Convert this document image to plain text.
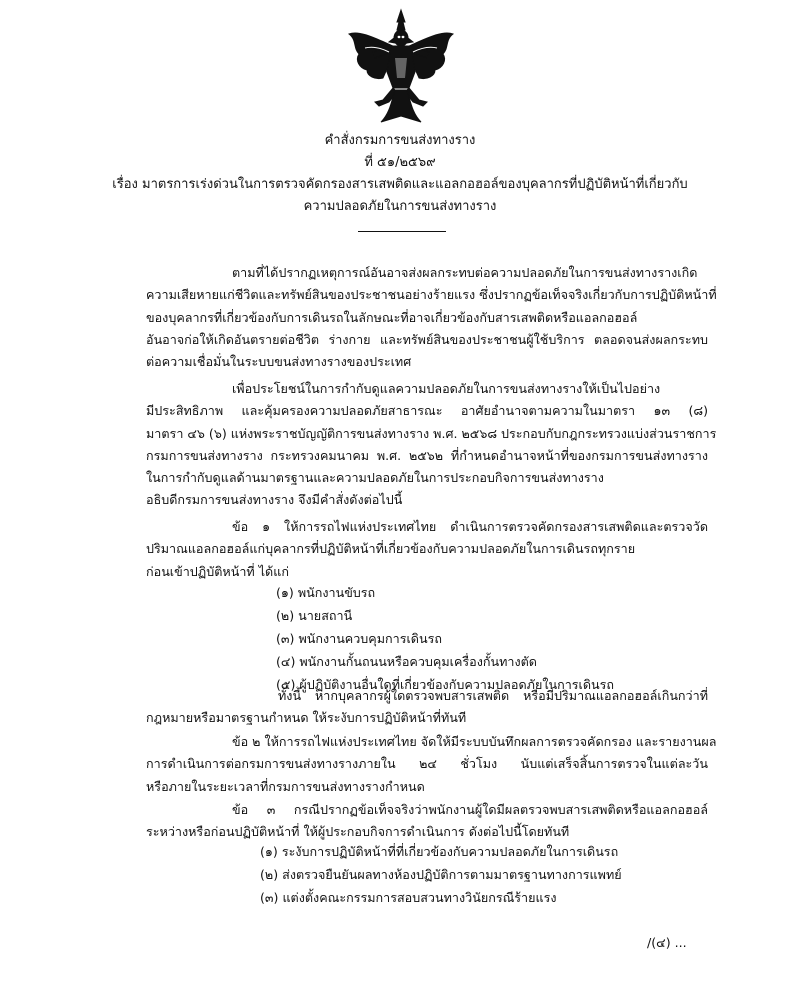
คำสั่งกรมการขนส่งทางราง
ที่ ๕๑/๒๕๖๙
เรื่อง มาตรการเร่งด่วนในการตรวจคัดกรองสารเสพติดและแอลกอฮอล์ของบุคลากรที่ปฏิบัติหน้าที่เกี่ยวกับ
ความปลอดภัยในการขนส่งทางราง
ตามที่ได้ปรากฏเหตุการณ์อันอาจส่งผลกระทบต่อความปลอดภัยในการขนส่งทางรางเกิด
ความเสียหายแก่ชีวิตและทรัพย์สินของประชาชนอย่างร้ายแรง ซึ่งปรากฏข้อเท็จจริงเกี่ยวกับการปฏิบัติหน้าที่
ของบุคลากรที่เกี่ยวข้องกับการเดินรถในลักษณะที่อาจเกี่ยวข้องกับสารเสพติดหรือแอลกอฮอล์
อันอาจก่อให้เกิดอันตรายต่อชีวิต ร่างกาย และทรัพย์สินของประชาชนผู้ใช้บริการ ตลอดจนส่งผลกระทบ
ต่อความเชื่อมั่นในระบบขนส่งทางรางของประเทศ
เพื่อประโยชน์ในการกำกับดูแลความปลอดภัยในการขนส่งทางรางให้เป็นไปอย่าง
มีประสิทธิภาพ และคุ้มครองความปลอดภัยสาธารณะ อาศัยอำนาจตามความในมาตรา ๑๓ (๘)
มาตรา ๔๖ (๖) แห่งพระราชบัญญัติการขนส่งทางราง พ.ศ. ๒๕๖๘ ประกอบกับกฎกระทรวงแบ่งส่วนราชการ
กรมการขนส่งทางราง กระทรวงคมนาคม พ.ศ. ๒๕๖๒ ที่กำหนดอำนาจหน้าที่ของกรมการขนส่งทางราง
ในการกำกับดูแลด้านมาตรฐานและความปลอดภัยในการประกอบกิจการขนส่งทางราง
อธิบดีกรมการขนส่งทางราง จึงมีคำสั่งดังต่อไปนี้
ข้อ ๑ ให้การรถไฟแห่งประเทศไทย ดำเนินการตรวจคัดกรองสารเสพติดและตรวจวัด
ปริมาณแอลกอฮอล์แก่บุคลากรที่ปฏิบัติหน้าที่เกี่ยวข้องกับความปลอดภัยในการเดินรถทุกราย
ก่อนเข้าปฏิบัติหน้าที่ ได้แก่
(๑) พนักงานขับรถ
(๒) นายสถานี
(๓) พนักงานควบคุมการเดินรถ
(๔) พนักงานกั้นถนนหรือควบคุมเครื่องกั้นทางตัด
(๕) ผู้ปฏิบัติงานอื่นใดที่เกี่ยวข้องกับความปลอดภัยในการเดินรถ
ทั้งนี้ หากบุคลากรผู้ใดตรวจพบสารเสพติด หรือมีปริมาณแอลกอฮอล์เกินกว่าที่
กฎหมายหรือมาตรฐานกำหนด ให้ระงับการปฏิบัติหน้าที่ทันที
ข้อ ๒ ให้การรถไฟแห่งประเทศไทย จัดให้มีระบบบันทึกผลการตรวจคัดกรอง และรายงานผล
การดำเนินการต่อกรมการขนส่งทางรางภายใน ๒๔ ชั่วโมง นับแต่เสร็จสิ้นการตรวจในแต่ละวัน
หรือภายในระยะเวลาที่กรมการขนส่งทางรางกำหนด
ข้อ ๓ กรณีปรากฏข้อเท็จจริงว่าพนักงานผู้ใดมีผลตรวจพบสารเสพติดหรือแอลกอฮอล์
ระหว่างหรือก่อนปฏิบัติหน้าที่ ให้ผู้ประกอบกิจการดำเนินการ ดังต่อไปนี้โดยทันที
(๑) ระงับการปฏิบัติหน้าที่ที่เกี่ยวข้องกับความปลอดภัยในการเดินรถ
(๒) ส่งตรวจยืนยันผลทางห้องปฏิบัติการตามมาตรฐานทางการแพทย์
(๓) แต่งตั้งคณะกรรมการสอบสวนทางวินัยกรณีร้ายแรง
/(๔) ...
